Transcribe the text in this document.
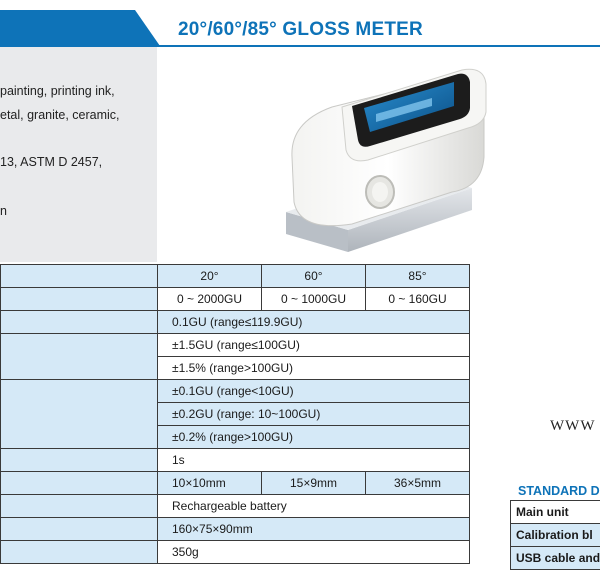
20°/60°/85° GLOSS METER
painting, printing ink,
etal, granite, ceramic,
13, ASTM D 2457,
n
	20°	60°	85°
	0 ~ 2000GU	0 ~ 1000GU	0 ~ 160GU
	0.1GU (range≤119.9GU)		
	±1.5GU (range≤100GU)		
	±1.5% (range>100GU)		
	±0.1GU (range<10GU)		
	±0.2GU (range: 10~100GU)		
	±0.2% (range>100GU)		
	1s		
	10×10mm	15×9mm	36×5mm
	Rechargeable battery		
	160×75×90mm		
	350g		
WWW
STANDARD D
Main unit
Calibration bl
USB cable and
